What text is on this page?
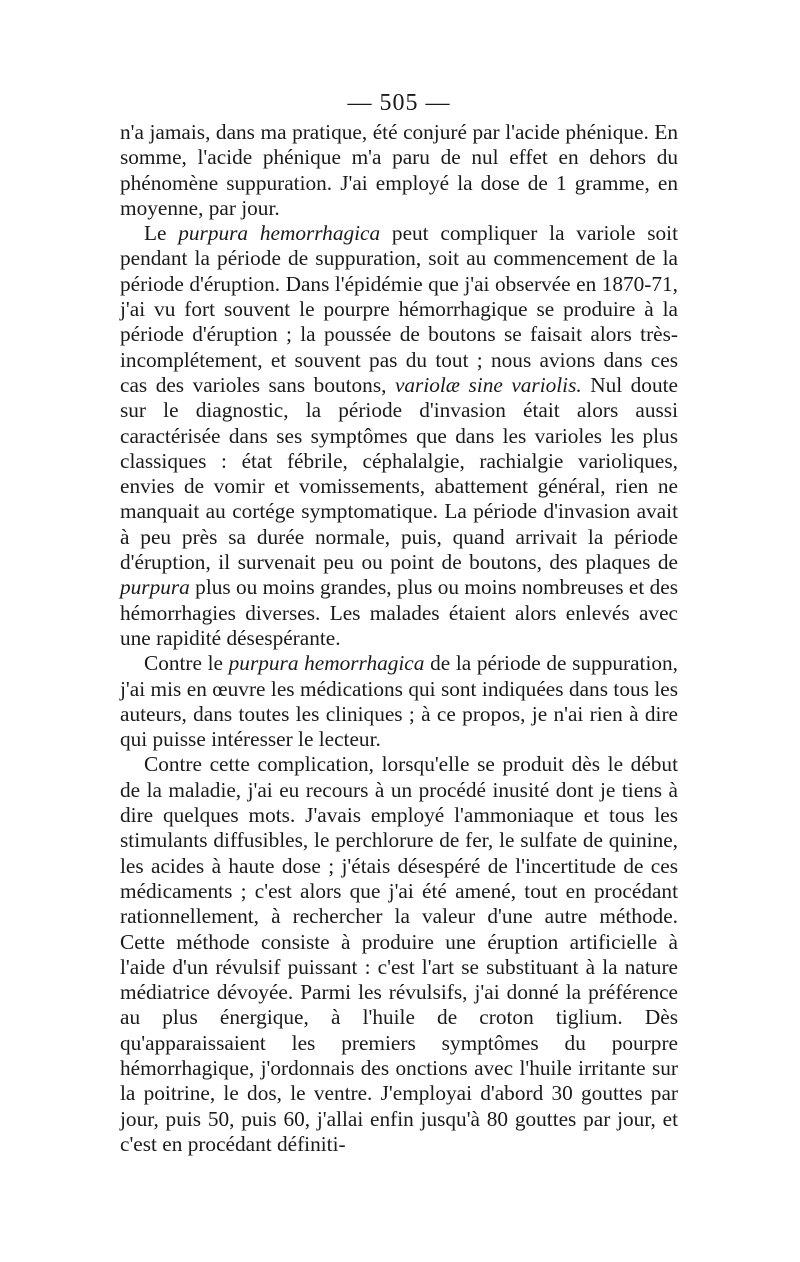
— 505 —

n'a jamais, dans ma pratique, été conjuré par l'acide phénique. En somme, l'acide phénique m'a paru de nul effet en dehors du phénomène suppuration. J'ai employé la dose de 1 gramme, en moyenne, par jour.

Le purpura hemorrhagica peut compliquer la variole soit pendant la période de suppuration, soit au commencement de la période d'éruption. Dans l'épidémie que j'ai observée en 1870-71, j'ai vu fort souvent le pourpre hémorrhagique se produire à la période d'éruption ; la poussée de boutons se faisait alors très-incomplétement, et souvent pas du tout ; nous avions dans ces cas des varioles sans boutons, variolæ sine variolis. Nul doute sur le diagnostic, la période d'invasion était alors aussi caractérisée dans ses symptômes que dans les varioles les plus classiques : état fébrile, céphalalgie, rachialgie varioliques, envies de vomir et vomissements, abattement général, rien ne manquait au cortége symptomatique. La période d'invasion avait à peu près sa durée normale, puis, quand arrivait la période d'éruption, il survenait peu ou point de boutons, des plaques de purpura plus ou moins grandes, plus ou moins nombreuses et des hémorrhagies diverses. Les malades étaient alors enlevés avec une rapidité désespérante.

Contre le purpura hemorrhagica de la période de suppuration, j'ai mis en œuvre les médications qui sont indiquées dans tous les auteurs, dans toutes les cliniques ; à ce propos, je n'ai rien à dire qui puisse intéresser le lecteur.

Contre cette complication, lorsqu'elle se produit dès le début de la maladie, j'ai eu recours à un procédé inusité dont je tiens à dire quelques mots. J'avais employé l'ammoniaque et tous les stimulants diffusibles, le perchlorure de fer, le sulfate de quinine, les acides à haute dose ; j'étais désespéré de l'incertitude de ces médicaments ; c'est alors que j'ai été amené, tout en procédant rationnellement, à rechercher la valeur d'une autre méthode. Cette méthode consiste à produire une éruption artificielle à l'aide d'un révulsif puissant : c'est l'art se substituant à la nature médiatrice dévoyée. Parmi les révulsifs, j'ai donné la préférence au plus énergique, à l'huile de croton tiglium. Dès qu'apparaissaient les premiers symptômes du pourpre hémorrhagique, j'ordonnais des onctions avec l'huile irritante sur la poitrine, le dos, le ventre. J'employai d'abord 30 gouttes par jour, puis 50, puis 60, j'allai enfin jusqu'à 80 gouttes par jour, et c'est en procédant définiti-
